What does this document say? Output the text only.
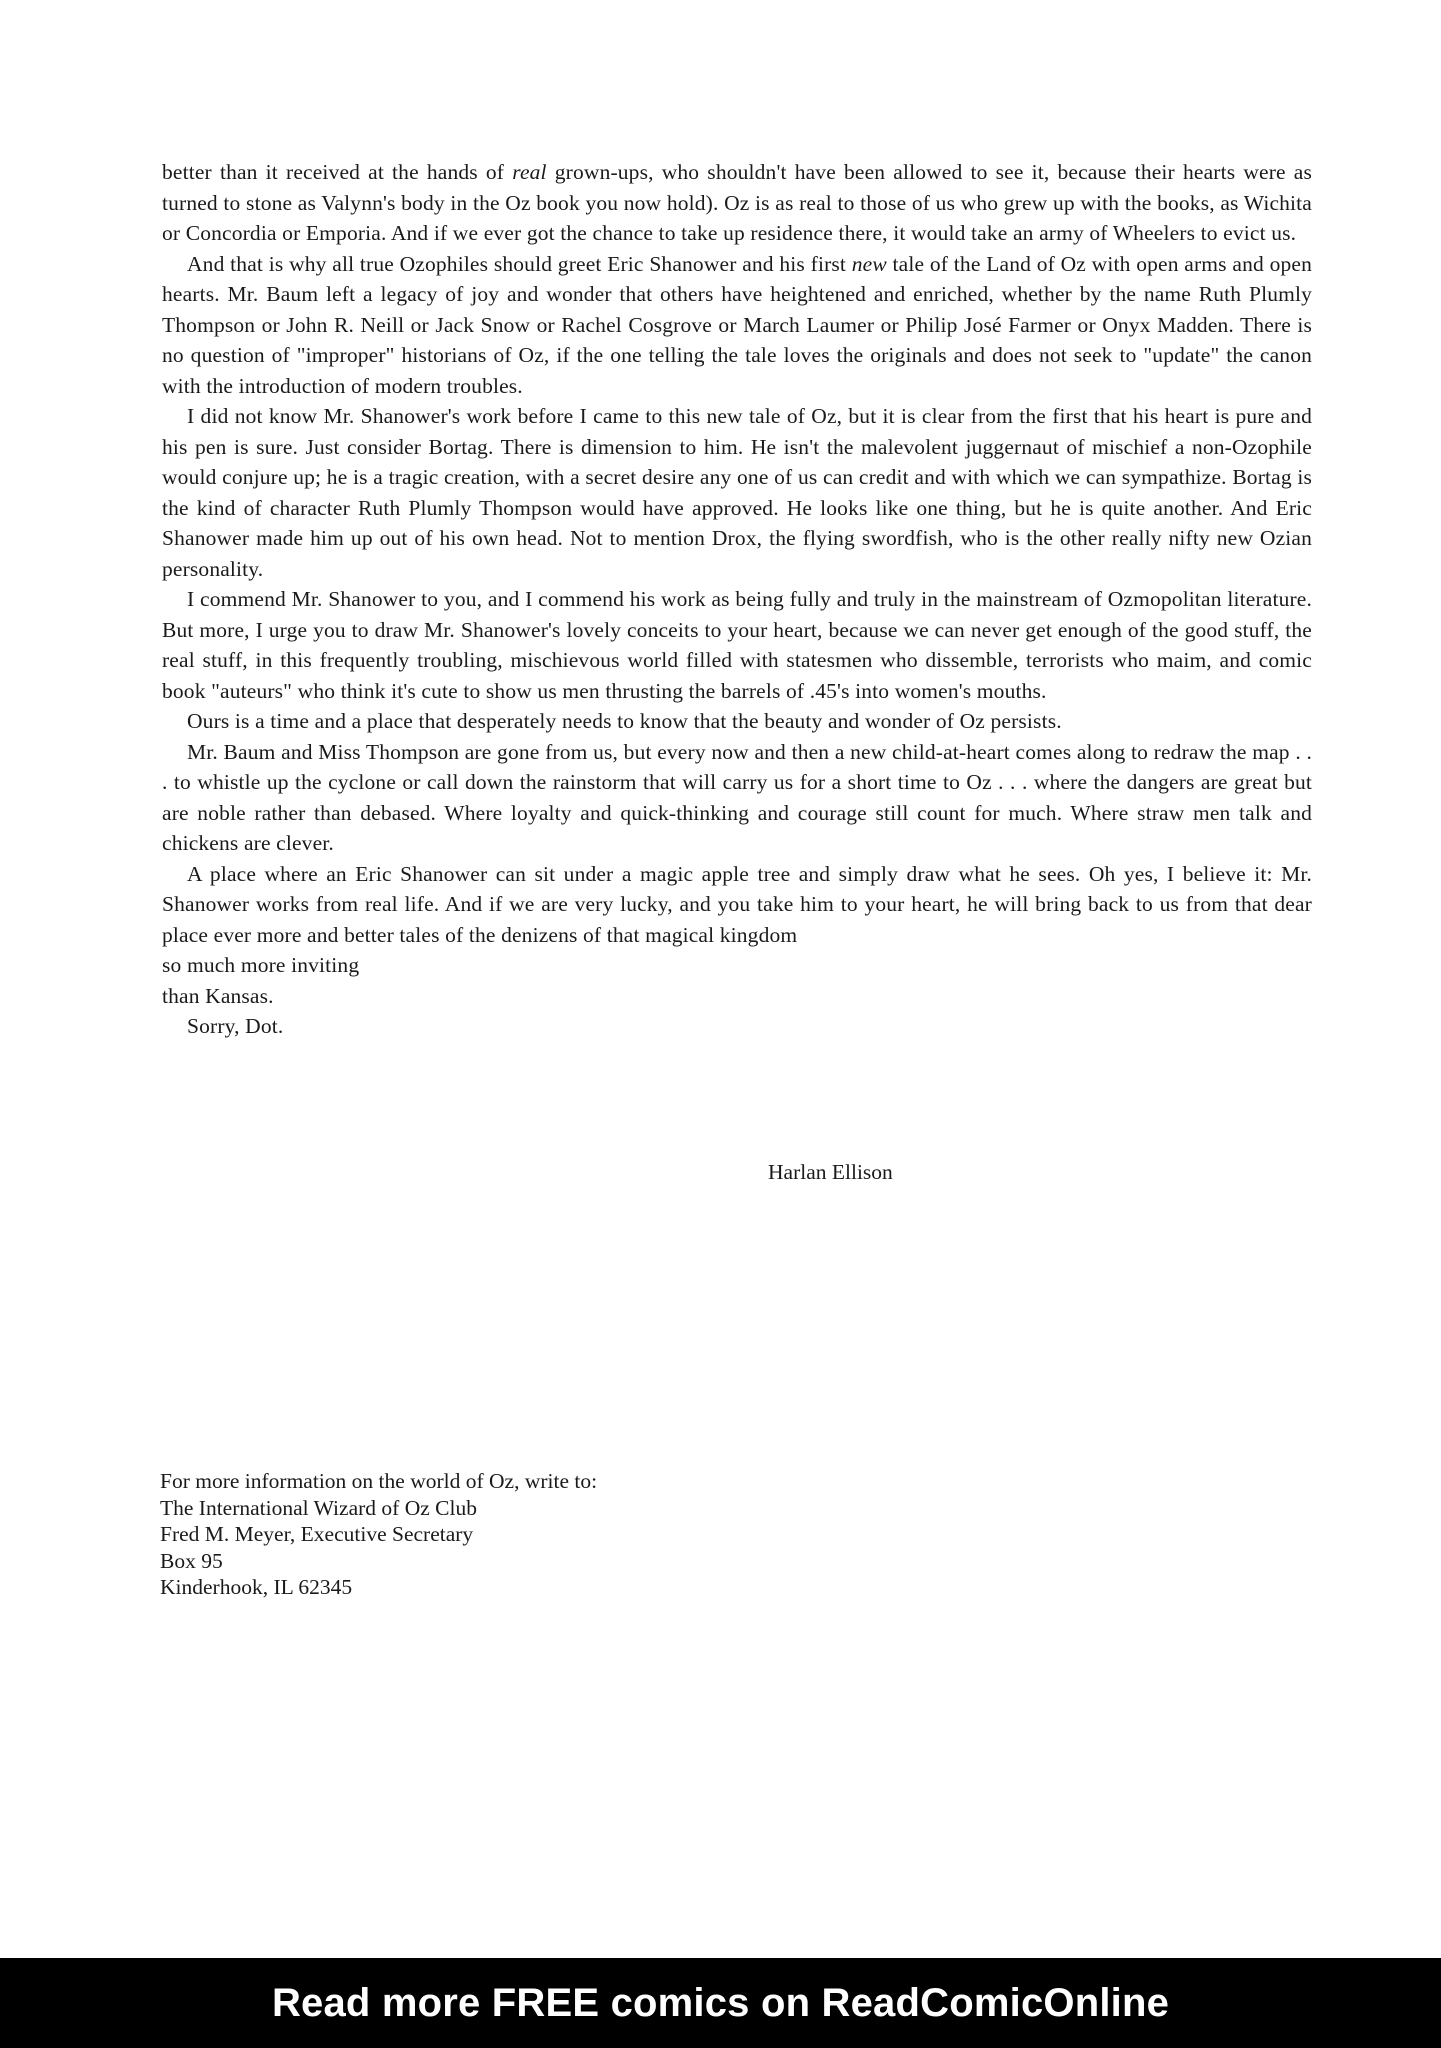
better than it received at the hands of real grown-ups, who shouldn't have been allowed to see it, because their hearts were as turned to stone as Valynn's body in the Oz book you now hold). Oz is as real to those of us who grew up with the books, as Wichita or Concordia or Emporia. And if we ever got the chance to take up residence there, it would take an army of Wheelers to evict us.

And that is why all true Ozophiles should greet Eric Shanower and his first new tale of the Land of Oz with open arms and open hearts. Mr. Baum left a legacy of joy and wonder that others have heightened and enriched, whether by the name Ruth Plumly Thompson or John R. Neill or Jack Snow or Rachel Cosgrove or March Laumer or Philip José Farmer or Onyx Madden. There is no question of "improper" historians of Oz, if the one telling the tale loves the originals and does not seek to "update" the canon with the introduction of modern troubles.

I did not know Mr. Shanower's work before I came to this new tale of Oz, but it is clear from the first that his heart is pure and his pen is sure. Just consider Bortag. There is dimension to him. He isn't the malevolent juggernaut of mischief a non-Ozophile would conjure up; he is a tragic creation, with a secret desire any one of us can credit and with which we can sympathize. Bortag is the kind of character Ruth Plumly Thompson would have approved. He looks like one thing, but he is quite another. And Eric Shanower made him up out of his own head. Not to mention Drox, the flying swordfish, who is the other really nifty new Ozian personality.

I commend Mr. Shanower to you, and I commend his work as being fully and truly in the mainstream of Ozmopolitan literature. But more, I urge you to draw Mr. Shanower's lovely conceits to your heart, because we can never get enough of the good stuff, the real stuff, in this frequently troubling, mischievous world filled with statesmen who dissemble, terrorists who maim, and comic book "auteurs" who think it's cute to show us men thrusting the barrels of .45's into women's mouths.

Ours is a time and a place that desperately needs to know that the beauty and wonder of Oz persists.

Mr. Baum and Miss Thompson are gone from us, but every now and then a new child-at-heart comes along to redraw the map . . . to whistle up the cyclone or call down the rainstorm that will carry us for a short time to Oz . . . where the dangers are great but are noble rather than debased. Where loyalty and quick-thinking and courage still count for much. Where straw men talk and chickens are clever.

A place where an Eric Shanower can sit under a magic apple tree and simply draw what he sees. Oh yes, I believe it: Mr. Shanower works from real life. And if we are very lucky, and you take him to your heart, he will bring back to us from that dear place ever more and better tales of the denizens of that magical kingdom

so much more inviting

than Kansas.

Sorry, Dot.

Harlan Ellison
For more information on the world of Oz, write to:
The International Wizard of Oz Club
Fred M. Meyer, Executive Secretary
Box 95
Kinderhook, IL 62345
Read more FREE comics on ReadComicOnline
